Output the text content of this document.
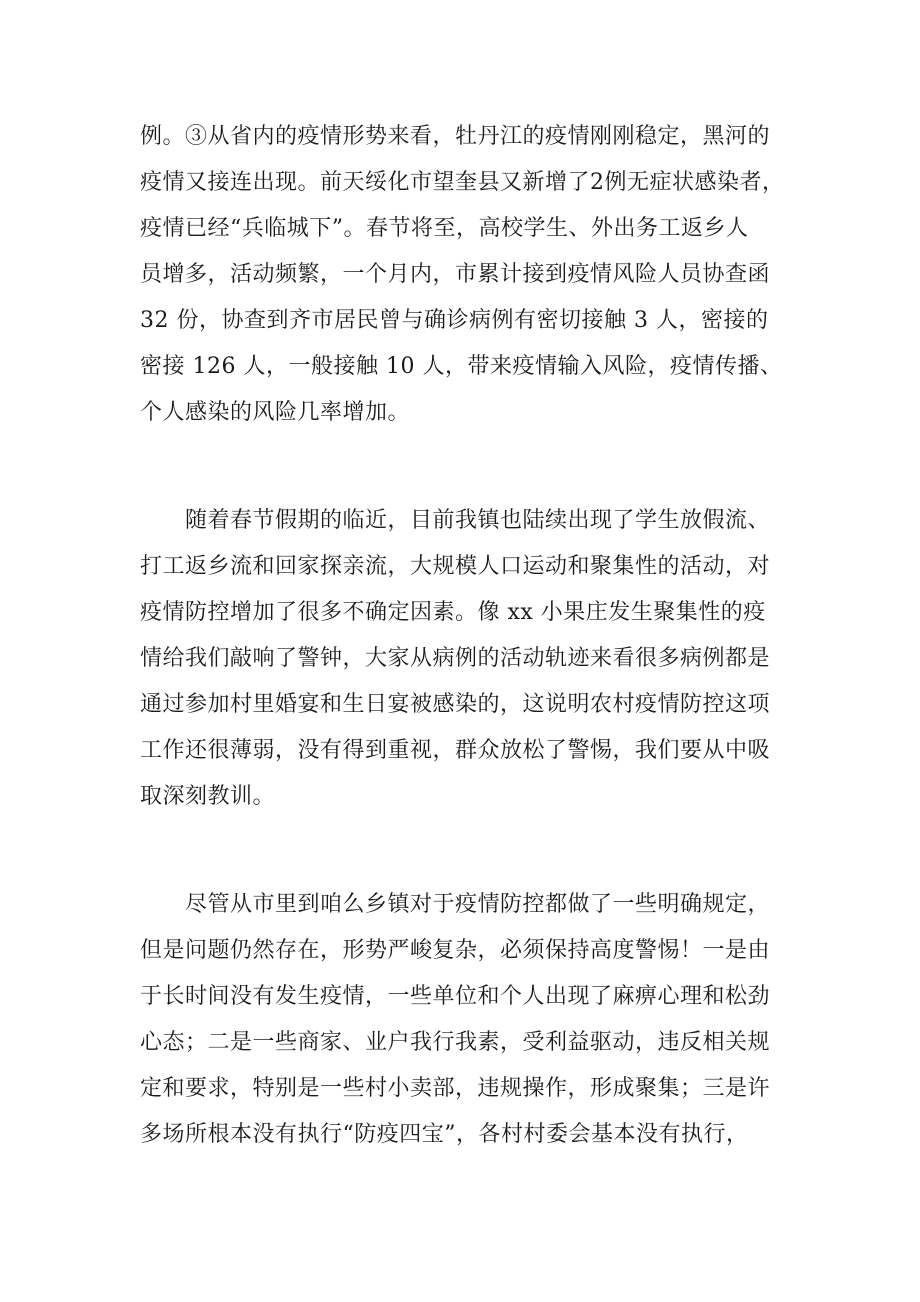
例。③从省内的疫情形势来看，牡丹江的疫情刚刚稳定，黑河的
疫情又接连出现。前天绥化市望奎县又新增了2例无症状感染者，
疫情已经“兵临城下”。春节将至，高校学生、外出务工返乡人
员增多，活动频繁，一个月内，市累计接到疫情风险人员协查函
32 份，协查到齐市居民曾与确诊病例有密切接触 3 人，密接的
密接 126 人，一般接触 10 人，带来疫情输入风险，疫情传播、
个人感染的风险几率增加。
　　随着春节假期的临近，目前我镇也陆续出现了学生放假流、
打工返乡流和回家探亲流，大规模人口运动和聚集性的活动，对
疫情防控增加了很多不确定因素。像 xx 小果庄发生聚集性的疫
情给我们敲响了警钟，大家从病例的活动轨迹来看很多病例都是
通过参加村里婚宴和生日宴被感染的，这说明农村疫情防控这项
工作还很薄弱，没有得到重视，群众放松了警惕，我们要从中吸
取深刻教训。
　　尽管从市里到咱么乡镇对于疫情防控都做了一些明确规定，
但是问题仍然存在，形势严峻复杂，必须保持高度警惕！一是由
于长时间没有发生疫情，一些单位和个人出现了麻痹心理和松劲
心态；二是一些商家、业户我行我素，受利益驱动，违反相关规
定和要求，特别是一些村小卖部，违规操作，形成聚集；三是许
多场所根本没有执行“防疫四宝”，各村村委会基本没有执行，
